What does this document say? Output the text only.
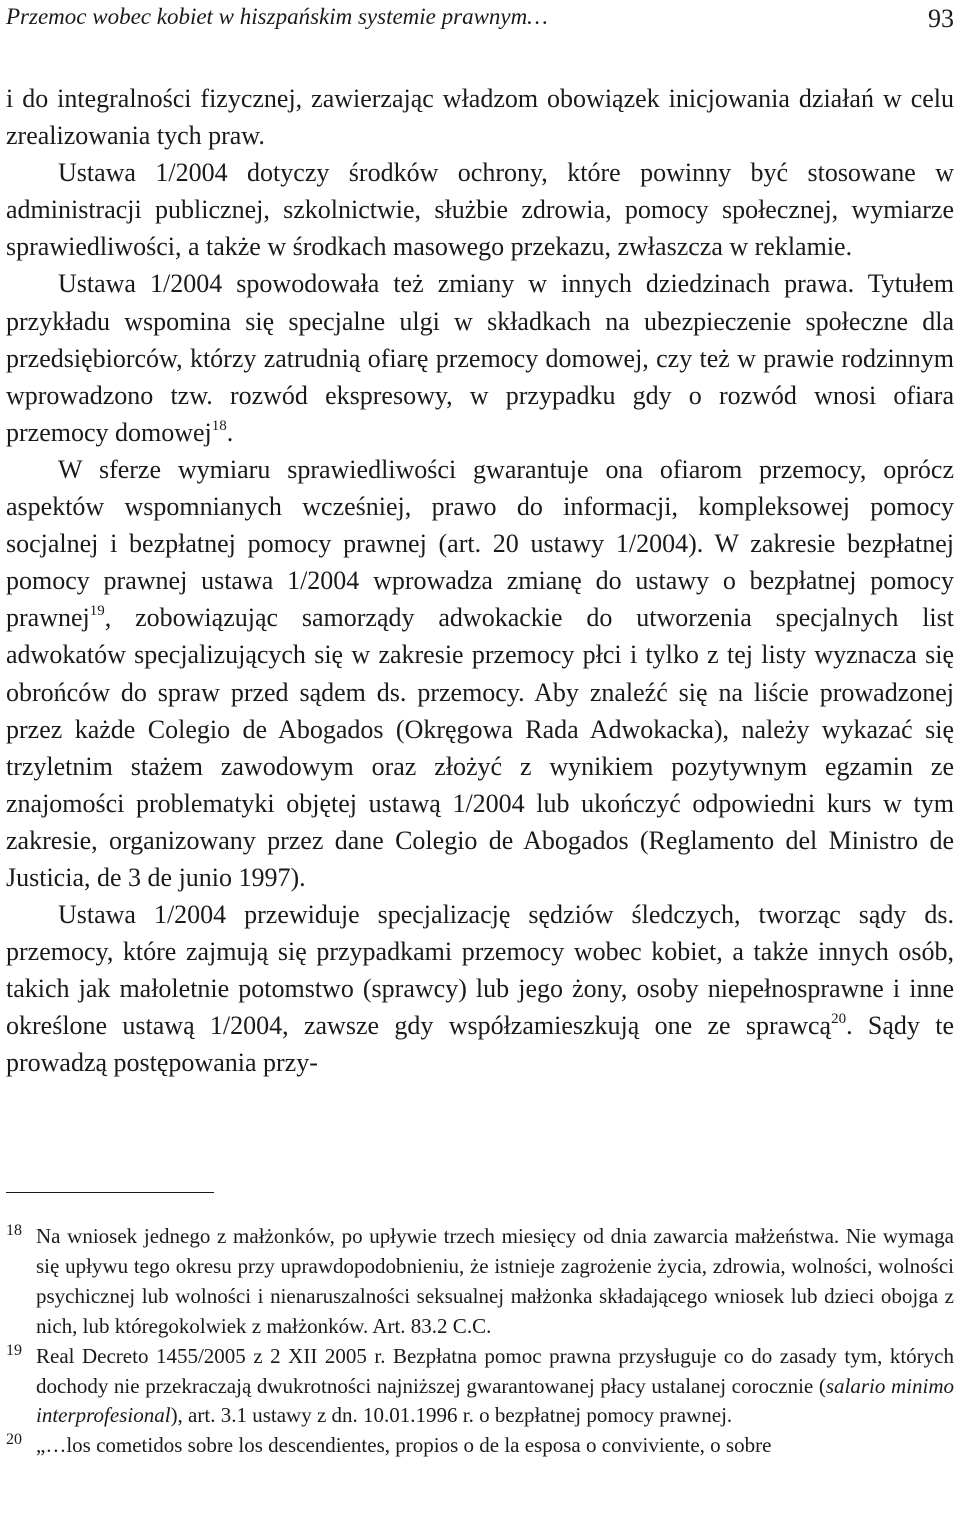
Przemoc wobec kobiet w hiszpańskim systemie prawnym…	93

i do integralności fizycznej, zawierzając władzom obowiązek inicjowania działań w celu zrealizowania tych praw.

Ustawa 1/2004 dotyczy środków ochrony, które powinny być stosowane w administracji publicznej, szkolnictwie, służbie zdrowia, pomocy społecznej, wymiarze sprawiedliwości, a także w środkach masowego przekazu, zwłaszcza w reklamie.

Ustawa 1/2004 spowodowała też zmiany w innych dziedzinach prawa. Tytułem przykładu wspomina się specjalne ulgi w składkach na ubezpieczenie społeczne dla przedsiębiorców, którzy zatrudnią ofiarę przemocy domowej, czy też w prawie rodzinnym wprowadzono tzw. rozwód ekspresowy, w przypadku gdy o rozwód wnosi ofiara przemocy domowej$^{18}$.

W sferze wymiaru sprawiedliwości gwarantuje ona ofiarom przemocy, oprócz aspektów wspomnianych wcześniej, prawo do informacji, kompleksowej pomocy socjalnej i bezpłatnej pomocy prawnej (art. 20 ustawy 1/2004). W zakresie bezpłatnej pomocy prawnej ustawa 1/2004 wprowadza zmianę do ustawy o bezpłatnej pomocy prawnej$^{19}$, zobowiązując samorządy adwokackie do utworzenia specjalnych list adwokatów specjalizujących się w zakresie przemocy płci i tylko z tej listy wyznacza się obrońców do spraw przed sądem ds. przemocy. Aby znaleźć się na liście prowadzonej przez każde Colegio de Abogados (Okręgowa Rada Adwokacka), należy wykazać się trzyletnim stażem zawodowym oraz złożyć z wynikiem pozytywnym egzamin ze znajomości problematyki objętej ustawą 1/2004 lub ukończyć odpowiedni kurs w tym zakresie, organizowany przez dane Colegio de Abogados (Reglamento del Ministro de Justicia, de 3 de junio 1997).

Ustawa 1/2004 przewiduje specjalizację sędziów śledczych, tworząc sądy ds. przemocy, które zajmują się przypadkami przemocy wobec kobiet, a także innych osób, takich jak małoletnie potomstwo (sprawcy) lub jego żony, osoby niepełnosprawne i inne określone ustawą 1/2004, zawsze gdy współzamieszkują one ze sprawcą$^{20}$. Sądy te prowadzą postępowania przy-

18 Na wniosek jednego z małżonków, po upływie trzech miesięcy od dnia zawarcia małżeństwa. Nie wymaga się upływu tego okresu przy uprawdopodobnieniu, że istnieje zagrożenie życia, zdrowia, wolności, wolności psychicznej lub wolności i nienaruszalności seksualnej małżonka składającego wniosek lub dzieci obojga z nich, lub któregokolwiek z małżonków. Art. 83.2 C.C.

19 Real Decreto 1455/2005 z 2 XII 2005 r. Bezpłatna pomoc prawna przysługuje co do zasady tym, których dochody nie przekraczają dwukrotności najniższej gwarantowanej płacy ustalanej corocznie (salario minimo interprofesional), art. 3.1 ustawy z dn. 10.01.1996 r. o bezpłatnej pomocy prawnej.

20 „…los cometidos sobre los descendientes, propios o de la esposa o conviviente, o sobre
